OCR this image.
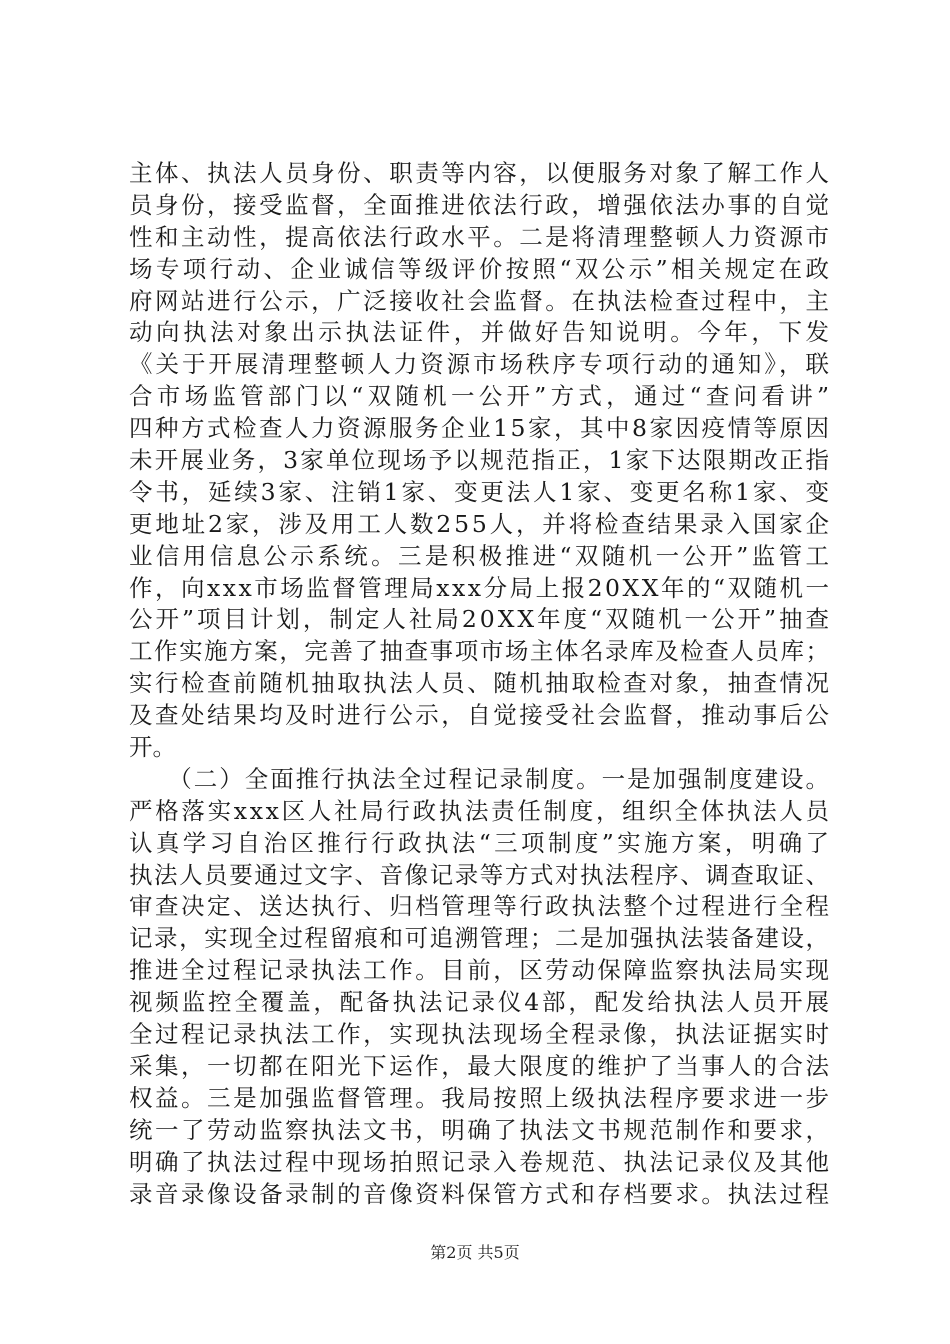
主体、执法人员身份、职责等内容，以便服务对象了解工作人
员身份，接受监督，全面推进依法行政，增强依法办事的自觉
性和主动性，提高依法行政水平。二是将清理整顿人力资源市
场专项行动、企业诚信等级评价按照“双公示”相关规定在政
府网站进行公示，广泛接收社会监督。在执法检查过程中，主
动向执法对象出示执法证件，并做好告知说明。今年，下发
《关于开展清理整顿人力资源市场秩序专项行动的通知》，联
合市场监管部门以“双随机一公开”方式，通过“查问看讲”
四种方式检查人力资源服务企业15家，其中8家因疫情等原因
未开展业务，3家单位现场予以规范指正，1家下达限期改正指
令书，延续3家、注销1家、变更法人1家、变更名称1家、变
更地址2家，涉及用工人数255人，并将检查结果录入国家企
业信用信息公示系统。三是积极推进“双随机一公开”监管工
作，向xxx市场监督管理局xxx分局上报20XX年的“双随机一
公开”项目计划，制定人社局20XX年度“双随机一公开”抽查
工作实施方案，完善了抽查事项市场主体名录库及检查人员库；
实行检查前随机抽取执法人员、随机抽取检查对象，抽查情况
及查处结果均及时进行公示，自觉接受社会监督，推动事后公
开。
　　（二）全面推行执法全过程记录制度。一是加强制度建设。
严格落实xxx区人社局行政执法责任制度，组织全体执法人员
认真学习自治区推行行政执法“三项制度”实施方案，明确了
执法人员要通过文字、音像记录等方式对执法程序、调查取证、
审查决定、送达执行、归档管理等行政执法整个过程进行全程
记录，实现全过程留痕和可追溯管理；二是加强执法装备建设，
推进全过程记录执法工作。目前，区劳动保障监察执法局实现
视频监控全覆盖，配备执法记录仪4部，配发给执法人员开展
全过程记录执法工作，实现执法现场全程录像，执法证据实时
采集，一切都在阳光下运作，最大限度的维护了当事人的合法
权益。三是加强监督管理。我局按照上级执法程序要求进一步
统一了劳动监察执法文书，明确了执法文书规范制作和要求，
明确了执法过程中现场拍照记录入卷规范、执法记录仪及其他
录音录像设备录制的音像资料保管方式和存档要求。执法过程
第2页 共5页
